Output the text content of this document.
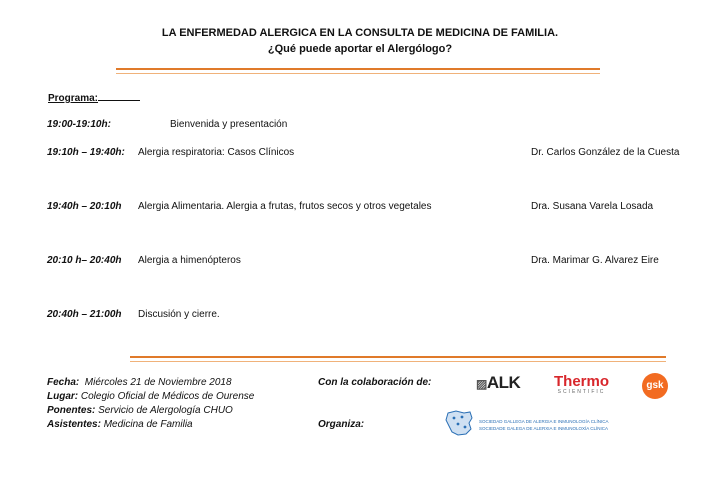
LA ENFERMEDAD ALERGICA EN LA CONSULTA DE MEDICINA DE FAMILIA.
¿Qué puede aportar el Alergólogo?
Programa:
19:00-19:10h:	Bienvenida y presentación
19:10h – 19:40h: Alergia respiratoria: Casos Clínicos	Dr. Carlos González de la Cuesta
19:40h – 20:10h Alergia Alimentaria. Alergia a frutas, frutos secos y otros vegetales	Dra. Susana Varela Losada
20:10 h– 20:40h Alergia a himenópteros	Dra. Marimar G. Alvarez Eire
20:40h – 21:00h Discusión y cierre.
Fecha: Miércoles 21 de Noviembre 2018
Lugar: Colegio Oficial de Médicos de Ourense
Ponentes: Servicio de Alergología CHUO
Asistentes: Medicina de Familia
Con la colaboración de:
Organiza:
▨ALK Thermo
SCIENTIFIC
gsk
SOCIEDAD GALLEGA DE ALERGIA E INMUNOLOGÍA CLÍNICA
SOCIEDADE GALEGA DE ALERXIA E INMUNOLOXÍA CLÍNICA
